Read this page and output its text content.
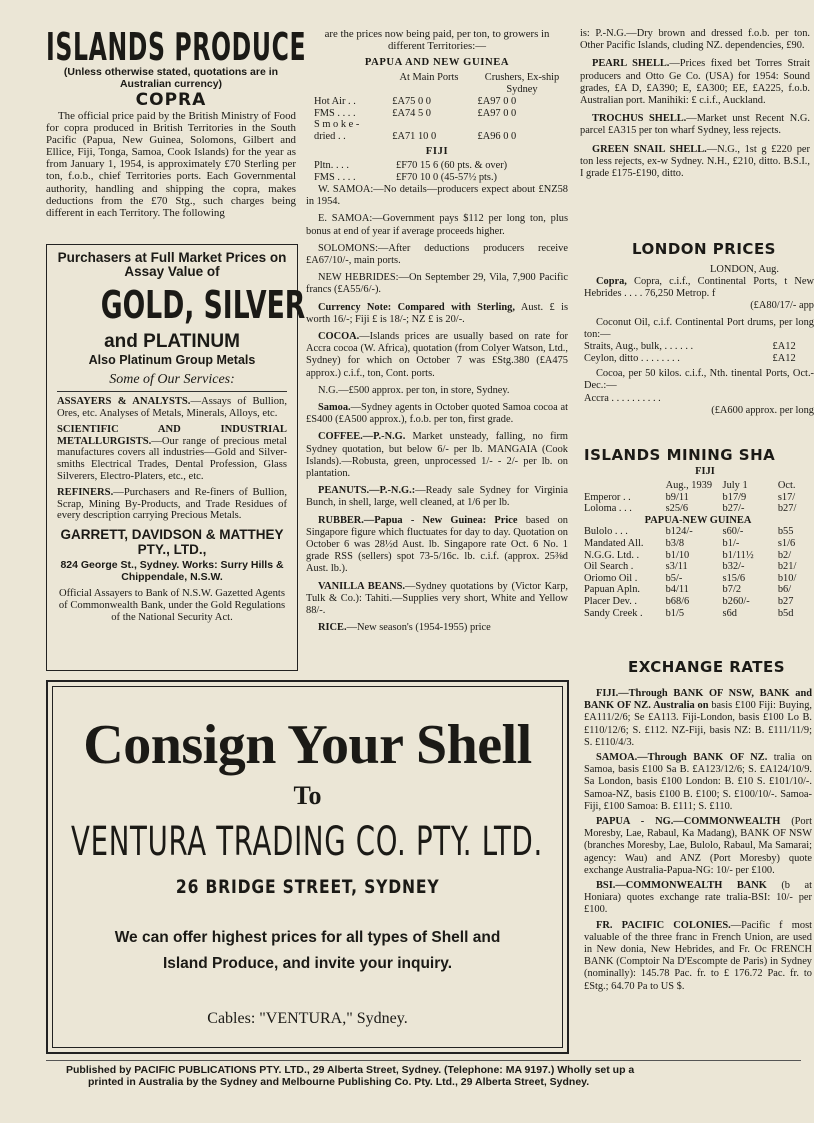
ISLANDS PRODUCE
(Unless otherwise stated, quotations are in Australian currency)
COPRA
The official price paid by the British Ministry of Food for copra produced in British Territories in the South Pacific (Papua, New Guinea, Solomons, Gilbert and Ellice, Fiji, Tonga, Samoa, Cook Islands) for the year as from January 1, 1954, is approximately £70 Sterling per ton, f.o.b., chief Territories ports. Each Governmental authority, handling and shipping the copra, makes deductions from the £70 Stg., such charges being different in each Territory. The following
Purchasers at Full Market Prices on Assay Value of
GOLD, SILVER
and PLATINUM
Also Platinum Group Metals
Some of Our Services:

ASSAYERS & ANALYSTS.—Assays of Bullion, Ores, etc. Analyses of Metals, Minerals, Alloys, etc.

SCIENTIFIC AND INDUSTRIAL METALLURGISTS.—Our range of precious metal manufactures covers all industries—Gold and Silver-smiths Electrical Trades, Dental Profession, Glass Silverers, Electro-Platers, etc., etc.

REFINERS.—Purchasers and Re-finers of Bullion, Scrap, Mining By-Products, and Trade Residues of every description carrying Precious Metals.

GARRETT, DAVIDSON & MATTHEY PTY., LTD.,
824 George St., Sydney. Works: Surry Hills & Chippendale, N.S.W.
Official Assayers to Bank of N.S.W. Gazetted Agents of Commonwealth Bank, under the Gold Regulations of the National Security Act.
are the prices now being paid, per ton, to growers in different Territories:—
PAPUA AND NEW GUINEA
At Main Ports	Crushers, Ex-ship Sydney
Hot Air . .	£A75 0 0	£A97 0 0
FMS . . . .	£A74 5 0	£A97 0 0
S m o k e -		
dried . .	£A71 10 0	£A96 0 0
FIJI
Pltn. . . .	£F70 15 6 (60 pts. & over)
FMS . . . .	£F70 10 0 (45-57½ pts.)

W. SAMOA:—No details—producers expect about £NZ58 in 1954.

E. SAMOA:—Government pays $112 per long ton, plus bonus at end of year if average proceeds higher.

SOLOMONS:—After deductions producers receive £A67/10/-, main ports.

NEW HEBRIDES:—On September 29, Vila, 7,900 Pacific francs (£A55/6/-).

Currency Note: Compared with Sterling, Aust. £ is worth 16/-; Fiji £ is 18/-; NZ £ is 20/-.

COCOA.—Islands prices are usually based on rate for Accra cocoa (W. Africa), quotation (from Colyer Watson, Ltd., Sydney) for which on October 7 was £Stg.380 (£A475 approx.) c.i.f., ton, Cont. ports.

N.G.—£500 approx. per ton, in store, Sydney.

Samoa.—Sydney agents in October quoted Samoa cocoa at £S400 (£A500 approx.), f.o.b. per ton, first grade.

COFFEE.—P.-N.G. Market unsteady, falling, no firm Sydney quotation, but below 6/- per lb. MANGAIA (Cook Islands).—Robusta, green, unprocessed 1/- - 2/- per lb. on plantation.

PEANUTS.—P.-N.G.:—Ready sale Sydney for Virginia Bunch, in shell, large, well cleaned, at 1/6 per lb.

RUBBER.—Papua - New Guinea: Price based on Singapore figure which fluctuates for day to day. Quotation on October 6 was 28½d Aust. lb. Singapore rate Oct. 6 No. 1 grade RSS (sellers) spot 73-5/16c. lb. c.i.f. (approx. 25⅜d Aust. lb.).

VANILLA BEANS.—Sydney quotations by (Victor Karp, Tulk & Co.): Tahiti.—Supplies very short, White and Yellow 88/-.

RICE.—New season's (1954-1955) price

is: P.-N.G.—Dry brown and dressed f.o.b. per ton. Other Pacific Islands, cluding NZ. dependencies, £90.

PEARL SHELL.—Prices fixed bet Torres Strait producers and Otto Ge Co. (USA) for 1954: Sound grades, £A D, £A390; E, £A300; EE, £A225, f.o.b. Australian port. Manihiki: £ c.i.f., Auckland.

TROCHUS SHELL.—Market unst Recent N.G. parcel £A315 per ton wharf Sydney, less rejects.

GREEN SNAIL SHELL.—N.G., 1st g £220 per ton less rejects, ex-w Sydney. N.H., £210, ditto. B.S.I., I grade £175-£190, ditto.

LONDON PRICES
LONDON, Aug.

Copra, Copra, c.i.f., Continental Ports, t New Hebrides . . . . 76,250 Metrop. f

(£A80/17/- app

Coconut Oil, c.i.f. Continental Port drums, per long ton:—

Straits, Aug., bulk, . . . . . .	£A12
Ceylon, ditto . . . . . . . .	£A12

Cocoa, per 50 kilos. c.i.f., Nth. tinental Ports, Oct.-Dec.:—

Accra . . . . . . . . . .
(£A600 approx. per long
ISLANDS MINING SHA
FIJI
	Aug., 1939	July 1	Oct.
Emperor . .	b9/11	b17/9	s17/
Loloma . . .	s25/6	b27/-	b27/
PAPUA-NEW GUINEA			
Bulolo . . .	b124/-	s60/-	b55
Mandated All.	b3/8	b1/-	s1/6
N.G.G. Ltd. .	b1/10	b1/11½	b2/
Oil Search .	s3/11	b32/-	b21/
Oriomo Oil .	b5/-	s15/6	b10/
Papuan Apln.	b4/11	b7/2	b6/
Placer Dev. .	b68/6	b260/-	b27
Sandy Creek .	b1/5	s6d	b5d
Consign Your Shell
To
VENTURA TRADING CO. PTY. LTD.
26 BRIDGE STREET, SYDNEY
We can offer highest prices for all types of Shell and
Island Produce, and invite your inquiry.
Cables: "VENTURA," Sydney.
EXCHANGE RATES

FIJI.—Through BANK OF NSW, BANK and BANK OF NZ. Australia on basis £100 Fiji: Buying, £A111/2/6; Se £A113. Fiji-London, basis £100 Lo B. £110/12/6; S. £112. NZ-Fiji, basis NZ: B. £111/11/9; S. £110/4/3.

SAMOA.—Through BANK OF NZ. tralia on Samoa, basis £100 Sa B. £A123/12/6; S. £A124/10/9. Sa London, basis £100 London: B. £10 S. £101/10/-. Samoa-NZ, basis £100 B. £100; S. £100/10/-. Samoa-Fiji, £100 Samoa: B. £111; S. £110.

PAPUA - NG.—COMMONWEALTH (Port Moresby, Lae, Rabaul, Ka Madang), BANK OF NSW (branches Moresby, Lae, Bulolo, Rabaul, Ma Samarai; agency: Wau) and ANZ (Port Moresby) quote exchange Australia-Papua-NG: 10/- per £100.

BSI.—COMMONWEALTH BANK (b at Honiara) quotes exchange rate tralia-BSI: 10/- per £100.

FR. PACIFIC COLONIES.—Pacific f most valuable of the three franc in French Union, are used in New donia, New Hebrides, and Fr. Oc FRENCH BANK (Comptoir Na D'Escompte de Paris) in Sydney (nominally): 145.78 Pac. fr. to £ 176.72 Pac. fr. to £Stg.; 64.70 Pa to US $.

Published by PACIFIC PUBLICATIONS PTY. LTD., 29 Alberta Street, Sydney. (Telephone: MA 9197.) Wholly set up a
printed in Australia by the Sydney and Melbourne Publishing Co. Pty. Ltd., 29 Alberta Street, Sydney.
